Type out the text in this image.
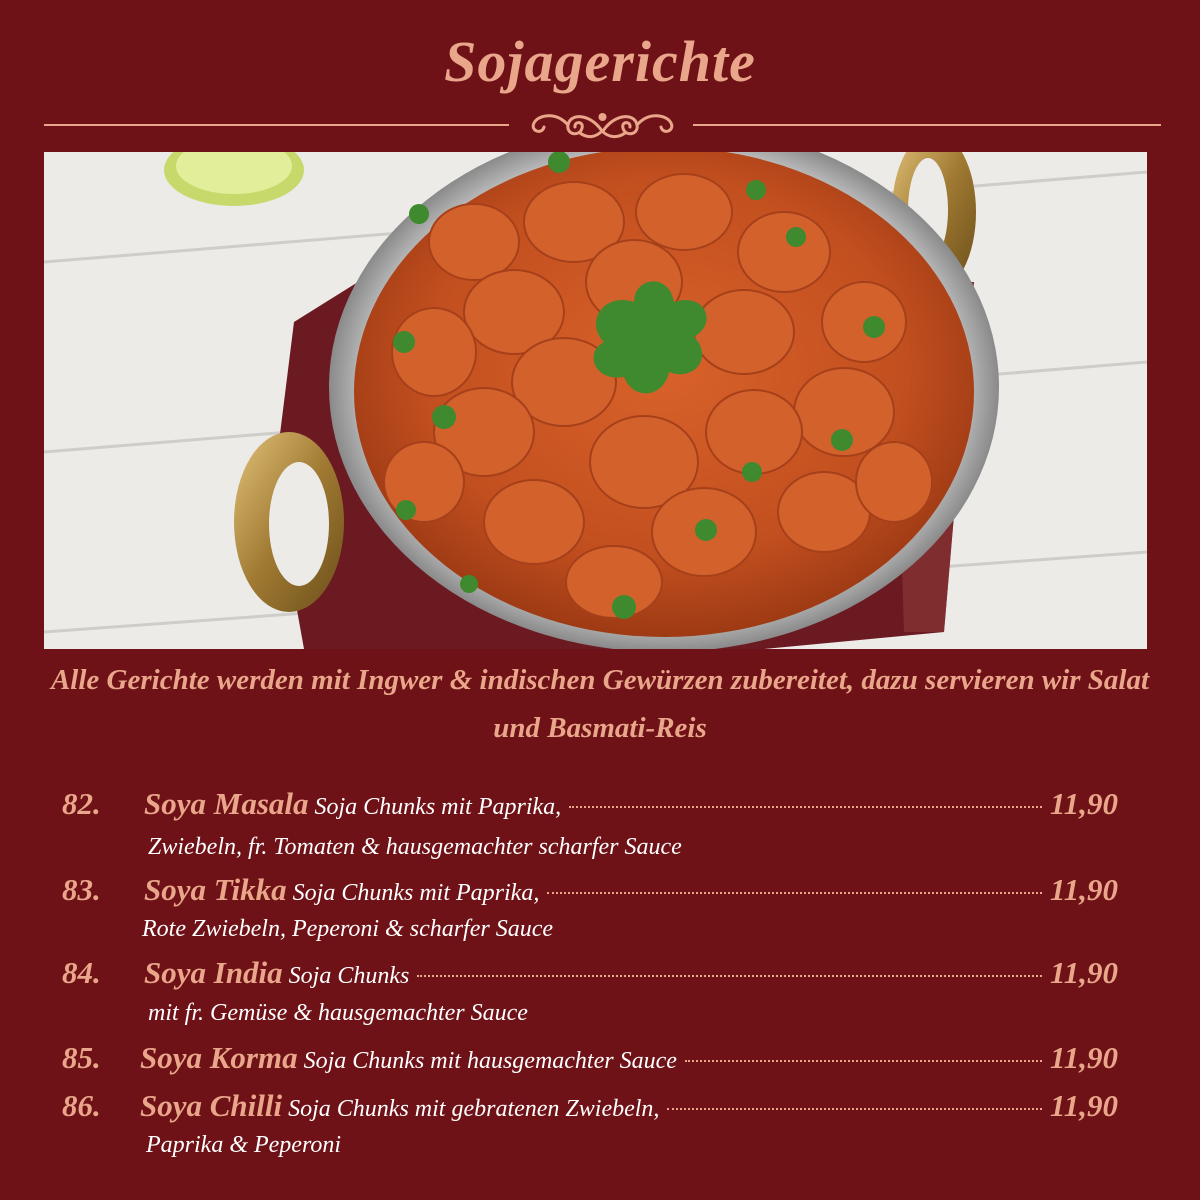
Sojagerichte
Alle Gerichte werden mit Ingwer & indischen Gewürzen zubereitet, dazu servieren wir Salat und Basmati-Reis
82. Soya Masala Soja Chunks mit Paprika,	11,90
Zwiebeln, fr. Tomaten & hausgemachter scharfer Sauce
83. Soya Tikka Soja Chunks mit Paprika,	11,90
Rote Zwiebeln, Peperoni & scharfer Sauce
84. Soya India Soja Chunks	11,90
mit fr. Gemüse & hausgemachter Sauce
85. Soya Korma Soja Chunks mit hausgemachter Sauce	11,90
86. Soya Chilli Soja Chunks mit gebratenen Zwiebeln,	11,90
Paprika & Peperoni
